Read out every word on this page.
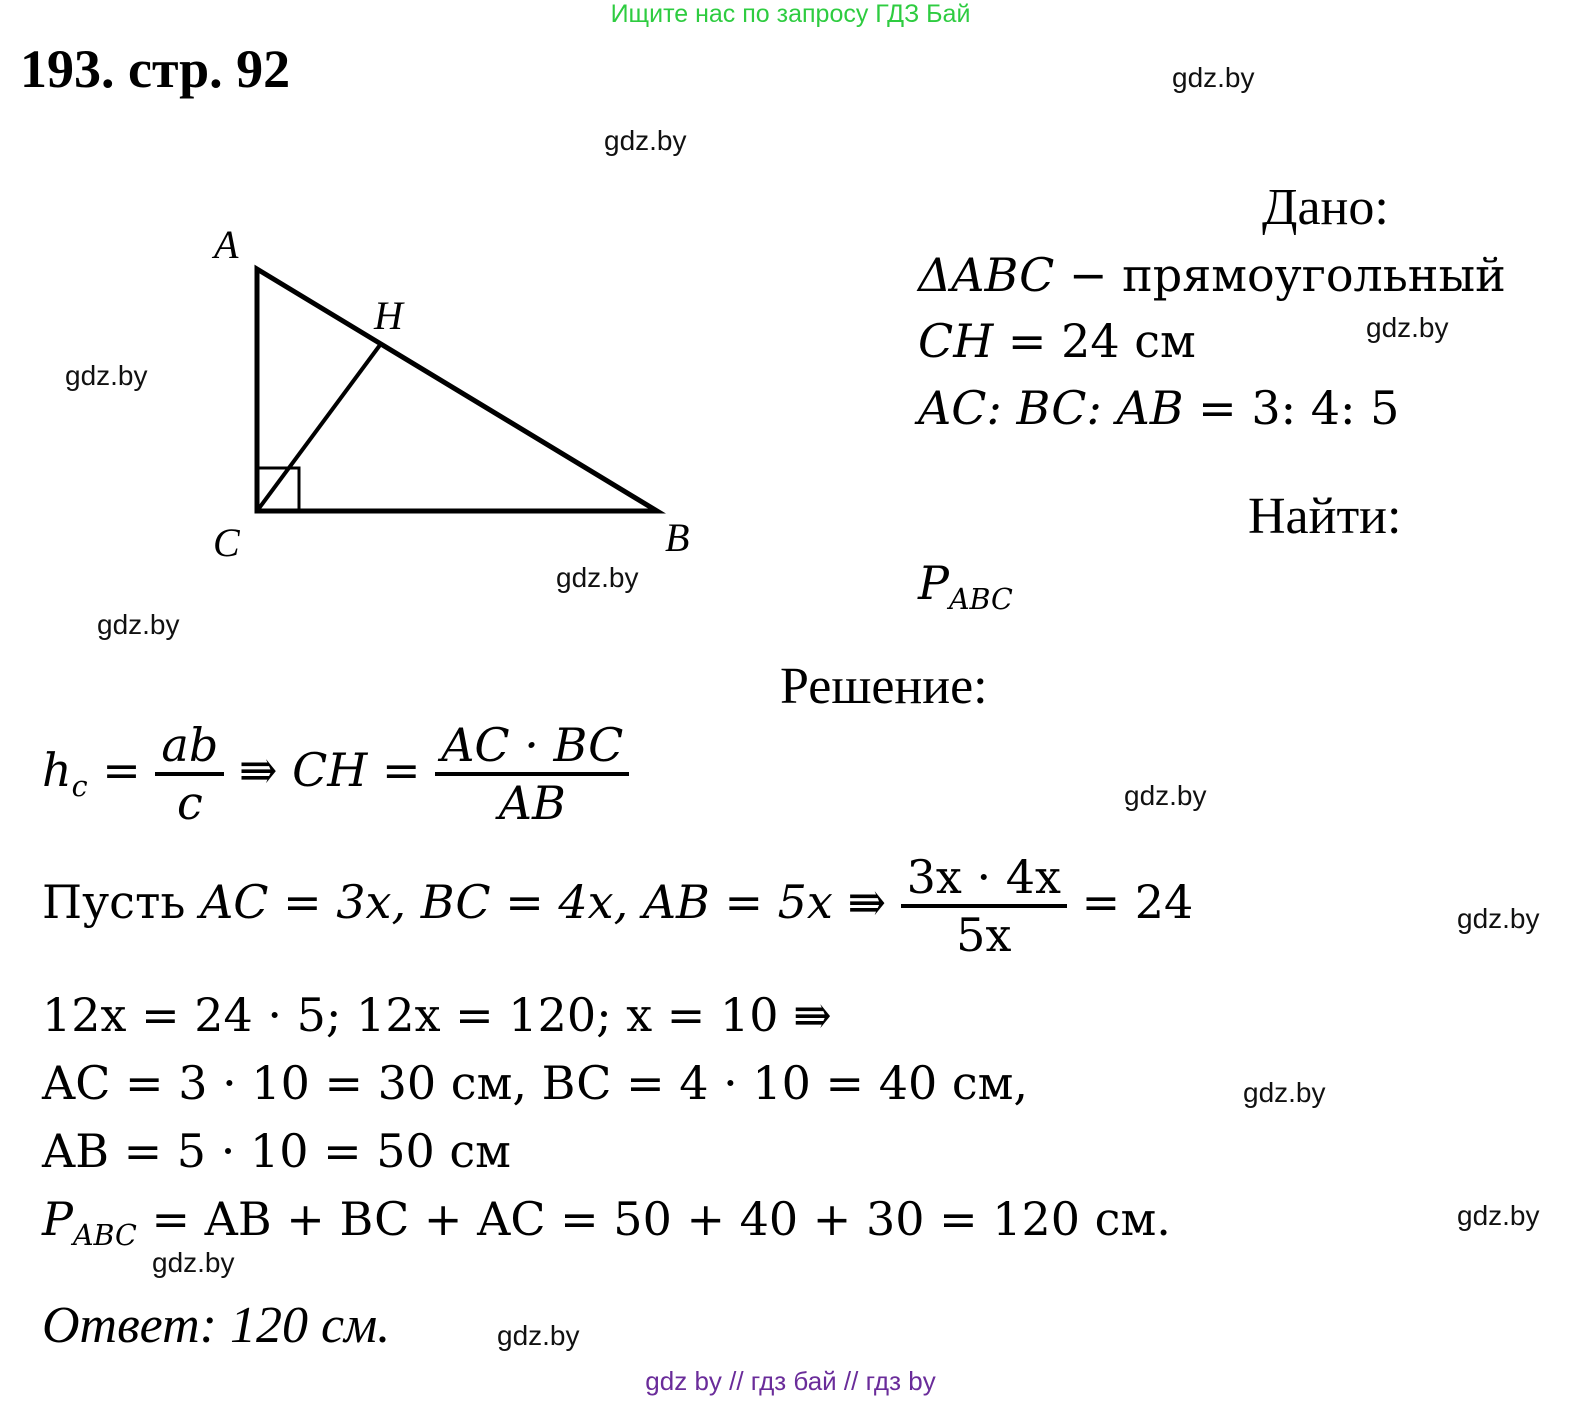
Ищите нас по запросу ГДЗ Бай
193. стр. 92	gdz.by
gdz.by
gdz.by
gdz.by
gdz.by
gdz.by
gdz.by
gdz.by
gdz.by
gdz.by
gdz.by
gdz.by
A
H
C	B
Дано:
ΔABC − прямоугольный
CH = 24 см
AC: BC: AB = 3: 4: 5
Найти:
$P_{ABC}$
Решение:
$h_c = \frac{ab}{c}$ ⇛ CH = $\frac{AC \cdot BC}{AB}$
Пусть AC = 3x, BC = 4x, AB = 5x ⇛ $\frac{3x \cdot 4x}{5x} = 24$
12x = 24 · 5; 12x = 120; x = 10 ⇛
AC = 3 · 10 = 30 см, BC = 4 · 10 = 40 см,
AB = 5 · 10 = 50 см
$P_{ABC}$ = AB + BC + AC = 50 + 40 + 30 = 120 см.
Ответ: 120 см.
gdz by // гдз бай // гдз by
